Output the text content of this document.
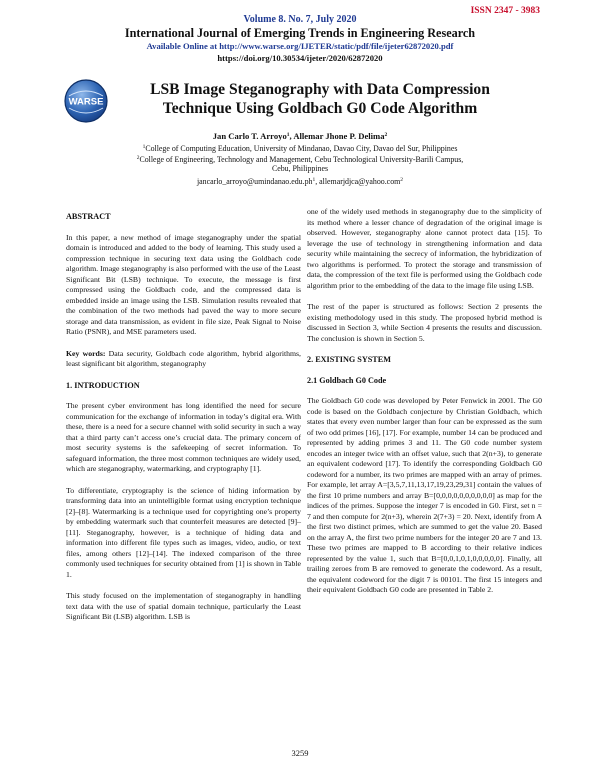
ISSN 2347 - 3983
Volume 8. No. 7, July 2020
International Journal of Emerging Trends in Engineering Research
Available Online at http://www.warse.org/IJETER/static/pdf/file/ijeter62872020.pdf
https://doi.org/10.30534/ijeter/2020/62872020
WARSE
LSB Image Steganography with Data Compression
Technique Using Goldbach G0 Code Algorithm
Jan Carlo T. Arroyo$^1$, Allemar Jhone P. Delima$^2$
$^1$College of Computing Education, University of Mindanao, Davao City, Davao del Sur, Philippines
$^2$College of Engineering, Technology and Management, Cebu Technological University-Barili Campus,
Cebu, Philippines
$jancarlo\_arroyo@umindanao.edu.ph^1$, allemarjdjca@yahoo.com$^2$
ABSTRACT

In this paper, a new method of image steganography under the spatial domain is introduced and added to the body of learning. This study used a compression technique in securing text data using the Goldbach code algorithm. Image steganography is also performed with the use of the Least Significant Bit (LSB) technique. To execute, the message is first compressed using the Goldbach code, and the compressed data is embedded inside an image using the LSB. Simulation results revealed that the combination of the two methods had paved the way to more secure storage and data transmission, as evident in file size, Peak Signal to Noise Ratio (PSNR), and MSE parameters used.

Key words: Data security, Goldbach code algorithm, hybrid algorithms, least significant bit algorithm, steganography

1. INTRODUCTION

The present cyber environment has long identified the need for secure communication for the exchange of information in today’s digital era. With these, there is a need for a secure channel with solid security in such a way that a third party can’t access one’s crucial data. The primary concern of most security systems is the safekeeping of secret information. To safeguard information, the three most common techniques are widely used, which are steganography, watermarking, and cryptography [1].

To differentiate, cryptography is the science of hiding information by transforming data into an unintelligible format using encryption technique [2]–[8]. Watermarking is a technique used for copyrighting one’s property by embedding watermark such that counterfeit measures are detected [9]–[11]. Steganography, however, is a technique of hiding data and information into different file types such as images, video, audio, or text files, among others [12]–[14]. The indexed comparison of the three commonly used techniques for security obtained from [1] is shown in Table 1.

This study focused on the implementation of steganography in handling text data with the use of spatial domain technique, particularly the Least Significant Bit (LSB) algorithm. LSB is

one of the widely used methods in steganography due to the simplicity of its method where a lesser chance of degradation of the original image is observed. However, steganography alone cannot protect data [15]. To leverage the use of technology in strengthening information and data security while maintaining the secrecy of information, the hybridization of two algorithms is performed. To protect the storage and transmission of data, the compression of the text file is performed using the Goldbach code algorithm prior to the embedding of the data to the image file using LSB.

The rest of the paper is structured as follows: Section 2 presents the existing methodology used in this study. The proposed hybrid method is discussed in Section 3, while Section 4 presents the results and discussion. The conclusion is shown in Section 5.

2. EXISTING SYSTEM
2.1 Goldbach G0 Code

The Goldbach G0 code was developed by Peter Fenwick in 2001. The G0 code is based on the Goldbach conjecture by Christian Goldbach, which states that every even number larger than four can be expressed as the sum of two odd primes [16], [17]. For example, number 14 can be produced and represented by adding primes 3 and 11. The G0 code number system encodes an integer twice with an offset value, such that 2(n+3), to generate an equivalent codeword [17]. To identify the corresponding Goldbach G0 codeword for a number, its two primes are mapped with an array of primes. For example, let array A=[3,5,7,11,13,17,19,23,29,31] contain the values of the first 10 prime numbers and array B=[0,0,0,0,0,0,0,0,0,0] as map for the indices of the primes. Suppose the integer 7 is encoded in G0. First, set n = 7 and then compute for 2(n+3), wherein 2(7+3) = 20. Next, identify from A the first two distinct primes, which are summed to get the value 20. Based on the array A, the first two prime numbers for the integer 20 are 7 and 13. These two primes are mapped to B according to their relative indices represented by the value 1, such that B=[0,0,1,0,1,0,0,0,0,0]. Finally, all trailing zeroes from B are removed to generate the codeword. As a result, the equivalent codeword for the digit 7 is 00101. The first 15 integers and their equivalent Goldbach G0 code are presented in Table 2.

3259
